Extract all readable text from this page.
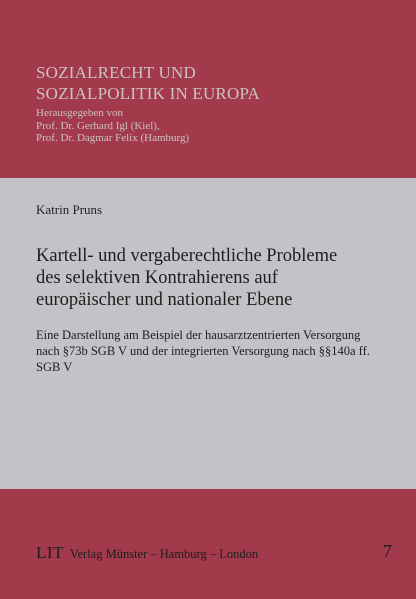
SOZIALRECHT UND
SOZIALPOLITIK IN EUROPA
Herausgegeben von
Prof. Dr. Gerhard Igl (Kiel),
Prof. Dr. Dagmar Felix (Hamburg)
Katrin Pruns
Kartell- und vergaberechtliche Probleme
des selektiven Kontrahierens auf
europäischer und nationaler Ebene
Eine Darstellung am Beispiel der hausarztzentrierten Versorgung
nach §73b SGB V und der integrierten Versorgung nach §§140a ff.
SGB V
LIT Verlag Münster – Hamburg – London	7
